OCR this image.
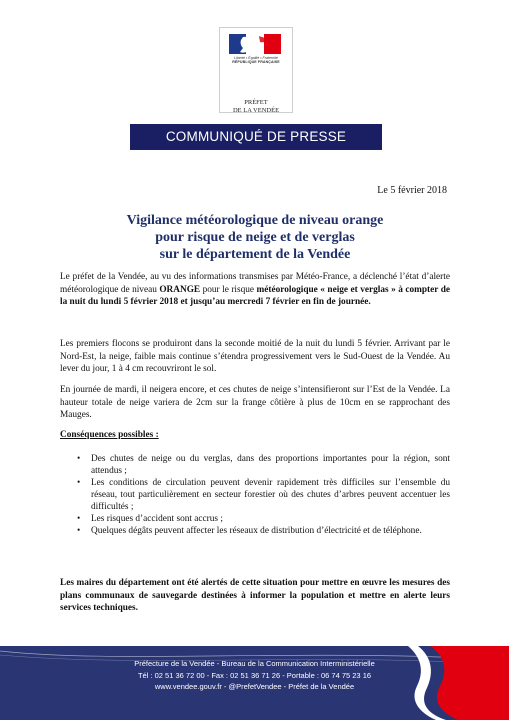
Liberté • Égalité • Fraternité
RÉPUBLIQUE FRANÇAISE
PRÉFET
DE LA VENDÉE
COMMUNIQUÉ DE PRESSE
Le 5 février 2018
Vigilance météorologique de niveau orange
pour risque de neige et de verglas
sur le département de la Vendée
Le préfet de la Vendée, au vu des informations transmises par Météo-France, a déclenché l’état d’alerte météorologique de niveau ORANGE pour le risque météorologique « neige et verglas » à compter de la nuit du lundi 5 février 2018 et jusqu’au mercredi 7 février en fin de journée.
Les premiers flocons se produiront dans la seconde moitié de la nuit du lundi 5 février. Arrivant par le Nord-Est, la neige, faible mais continue s’étendra progressivement vers le Sud-Ouest de la Vendée. Au lever du jour, 1 à 4 cm recouvriront le sol.
En journée de mardi, il neigera encore, et ces chutes de neige s’intensifieront sur l’Est de la Vendée. La hauteur totale de neige variera de 2cm sur la frange côtière à plus de 10cm en se rapprochant des Mauges.
Conséquences possibles :
• Des chutes de neige ou du verglas, dans des proportions importantes pour la région, sont attendus ;
• Les conditions de circulation peuvent devenir rapidement très difficiles sur l’ensemble du réseau, tout particulièrement en secteur forestier où des chutes d’arbres peuvent accentuer les difficultés ;
• Les risques d’accident sont accrus ;
• Quelques dégâts peuvent affecter les réseaux de distribution d’électricité et de téléphone.
Les maires du département ont été alertés de cette situation pour mettre en œuvre les mesures des plans communaux de sauvegarde destinées à informer la population et mettre en alerte leurs services techniques.
Préfecture de la Vendée - Bureau de la Communication Interministérielle
Tél : 02 51 36 72 00 - Fax : 02 51 36 71 26 - Portable : 06 74 75 23 16
www.vendee.gouv.fr - @PrefetVendee - Préfet de la Vendée
